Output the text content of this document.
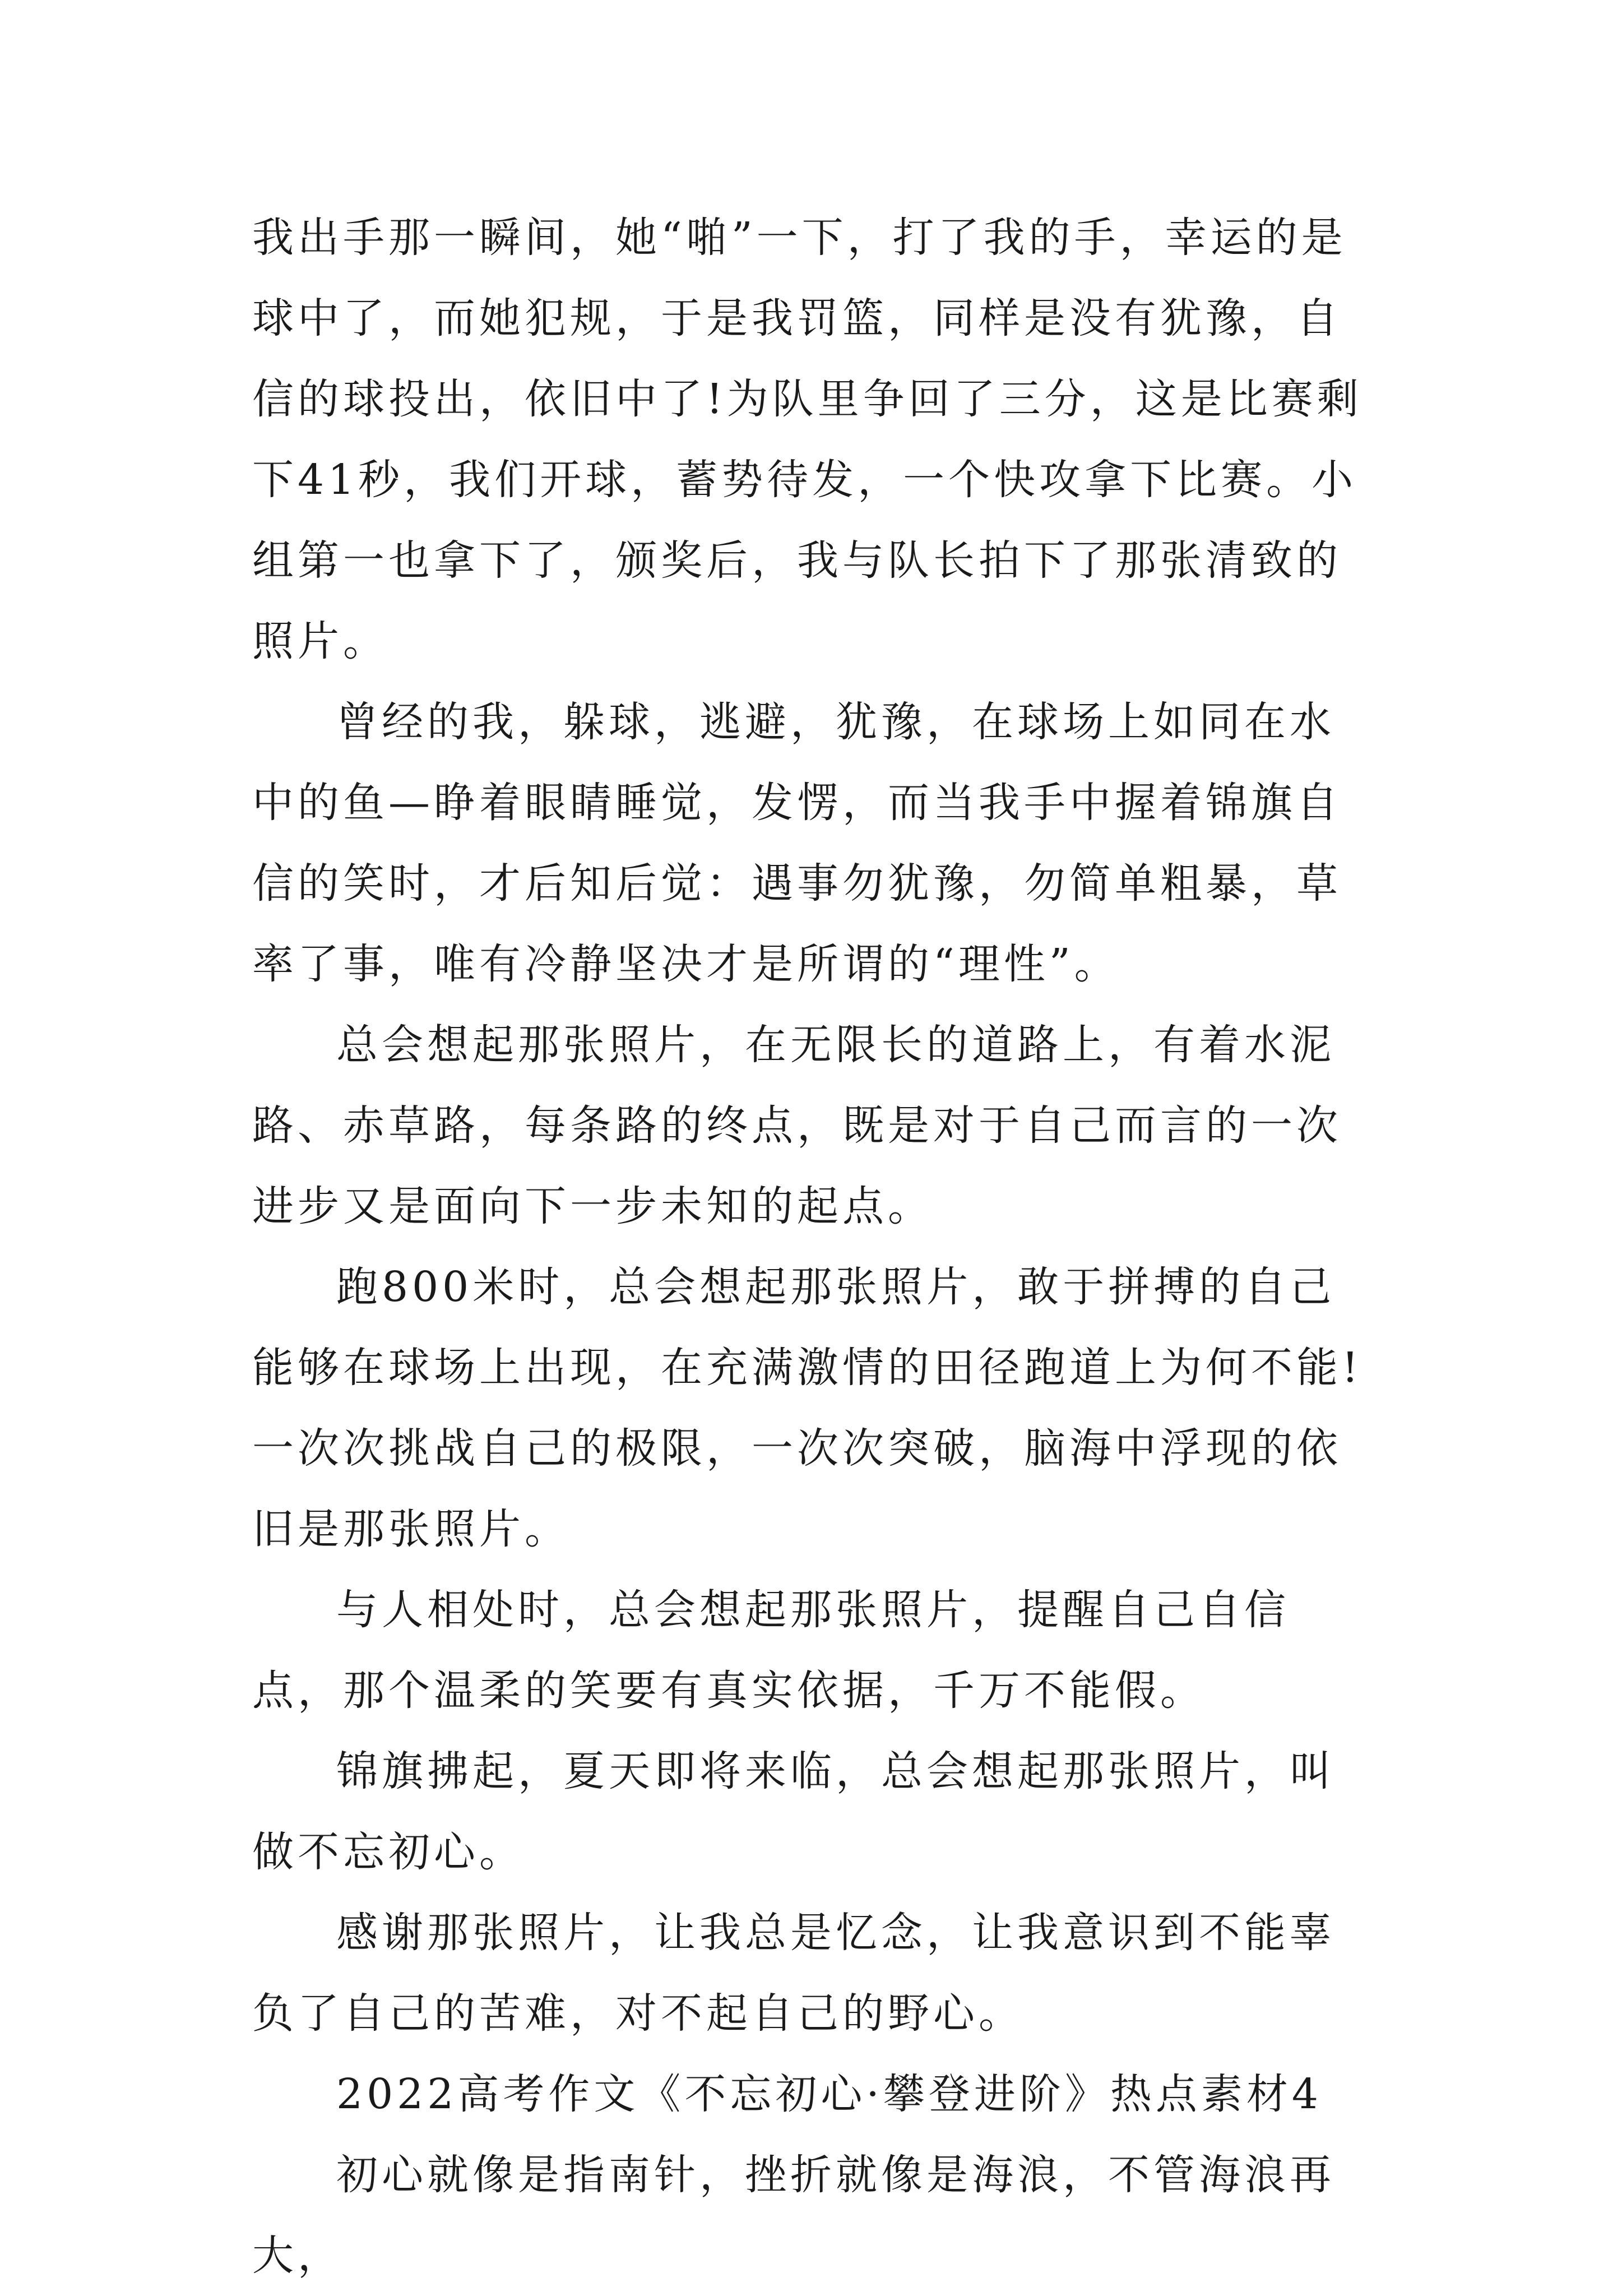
我出手那一瞬间，她“啪”一下，打了我的手，幸运的是球中了，而她犯规，于是我罚篮，同样是没有犹豫，自信的球投出，依旧中了!为队里争回了三分，这是比赛剩下41秒，我们开球，蓄势待发，一个快攻拿下比赛。小组第一也拿下了，颁奖后，我与队长拍下了那张清致的照片。

曾经的我，躲球，逃避，犹豫，在球场上如同在水中的鱼—睁着眼睛睡觉，发愣，而当我手中握着锦旗自信的笑时，才后知后觉：遇事勿犹豫，勿简单粗暴，草率了事，唯有冷静坚决才是所谓的“理性”。

总会想起那张照片，在无限长的道路上，有着水泥路、赤草路，每条路的终点，既是对于自己而言的一次进步又是面向下一步未知的起点。

跑800米时，总会想起那张照片，敢于拼搏的自己能够在球场上出现，在充满激情的田径跑道上为何不能!一次次挑战自己的极限，一次次突破，脑海中浮现的依旧是那张照片。

与人相处时，总会想起那张照片，提醒自己自信点，那个温柔的笑要有真实依据，千万不能假。

锦旗拂起，夏天即将来临，总会想起那张照片，叫做不忘初心。

感谢那张照片，让我总是忆念，让我意识到不能辜负了自己的苦难，对不起自己的野心。

2022高考作文《不忘初心·攀登进阶》热点素材4

初心就像是指南针，挫折就像是海浪，不管海浪再大，
